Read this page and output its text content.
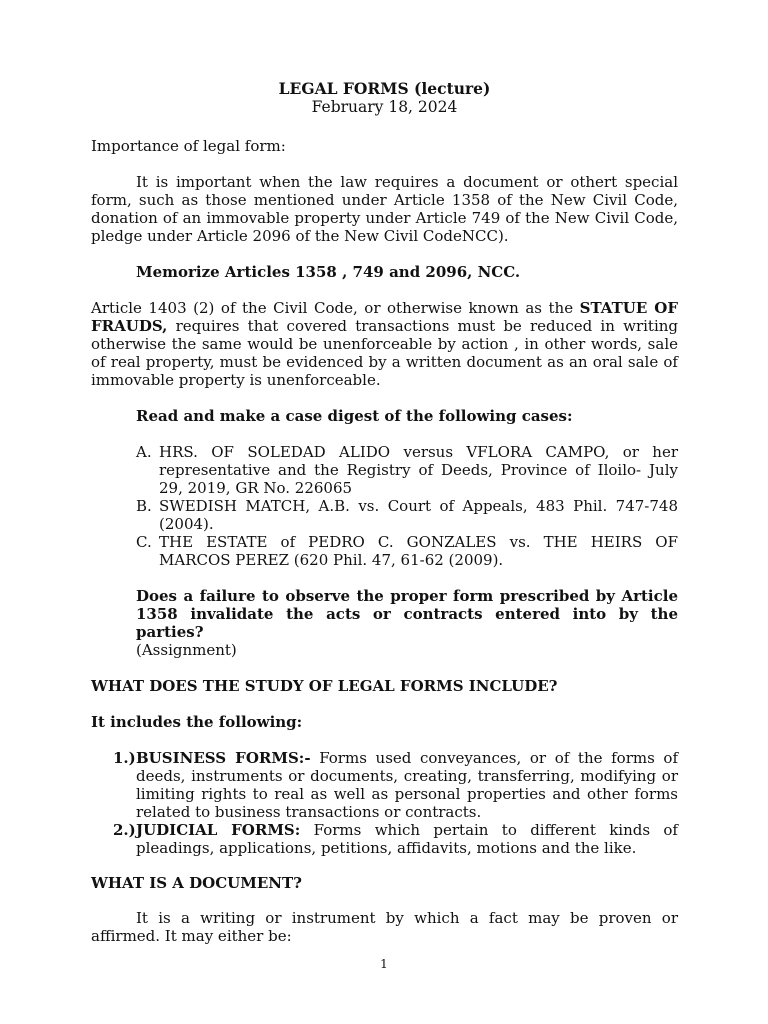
LEGAL FORMS (lecture)

February 18, 2024

Importance of legal form:

It is important when the law requires a document or othert special form, such as those mentioned under Article 1358 of the New Civil Code, donation of an immovable property under Article 749 of the New Civil Code, pledge under Article 2096 of the New Civil CodeNCC).

Memorize Articles 1358 , 749 and 2096, NCC.

Article 1403 (2) of the Civil Code, or otherwise known as the STATUE OF FRAUDS, requires that covered transactions must be reduced in writing otherwise the same would be unenforceable by action , in other words, sale of real property, must be evidenced by a written document as an oral sale of immovable property is unenforceable.

Read and make a case digest of the following cases:

A. HRS. OF SOLEDAD ALIDO versus VFLORA CAMPO, or her representative and the Registry of Deeds, Province of Iloilo- July 29, 2019, GR No. 226065
B. SWEDISH MATCH, A.B. vs. Court of Appeals, 483 Phil. 747-748 (2004).
C. THE ESTATE of PEDRO C. GONZALES vs. THE HEIRS OF MARCOS PEREZ (620 Phil. 47, 61-62 (2009).

Does a failure to observe the proper form prescribed by Article 1358 invalidate the acts or contracts entered into by the parties?
(Assignment)

WHAT DOES THE STUDY OF LEGAL FORMS INCLUDE?

It includes the following:

1.) BUSINESS FORMS:- Forms used conveyances, or of the forms of deeds, instruments or documents, creating, transferring, modifying or limiting rights to real as well as personal properties and other forms related to business transactions or contracts.
2.) JUDICIAL FORMS: Forms which pertain to different kinds of pleadings, applications, petitions, affidavits, motions and the like.

WHAT IS A DOCUMENT?

It is a writing or instrument by which a fact may be proven or affirmed. It may either be:

1
